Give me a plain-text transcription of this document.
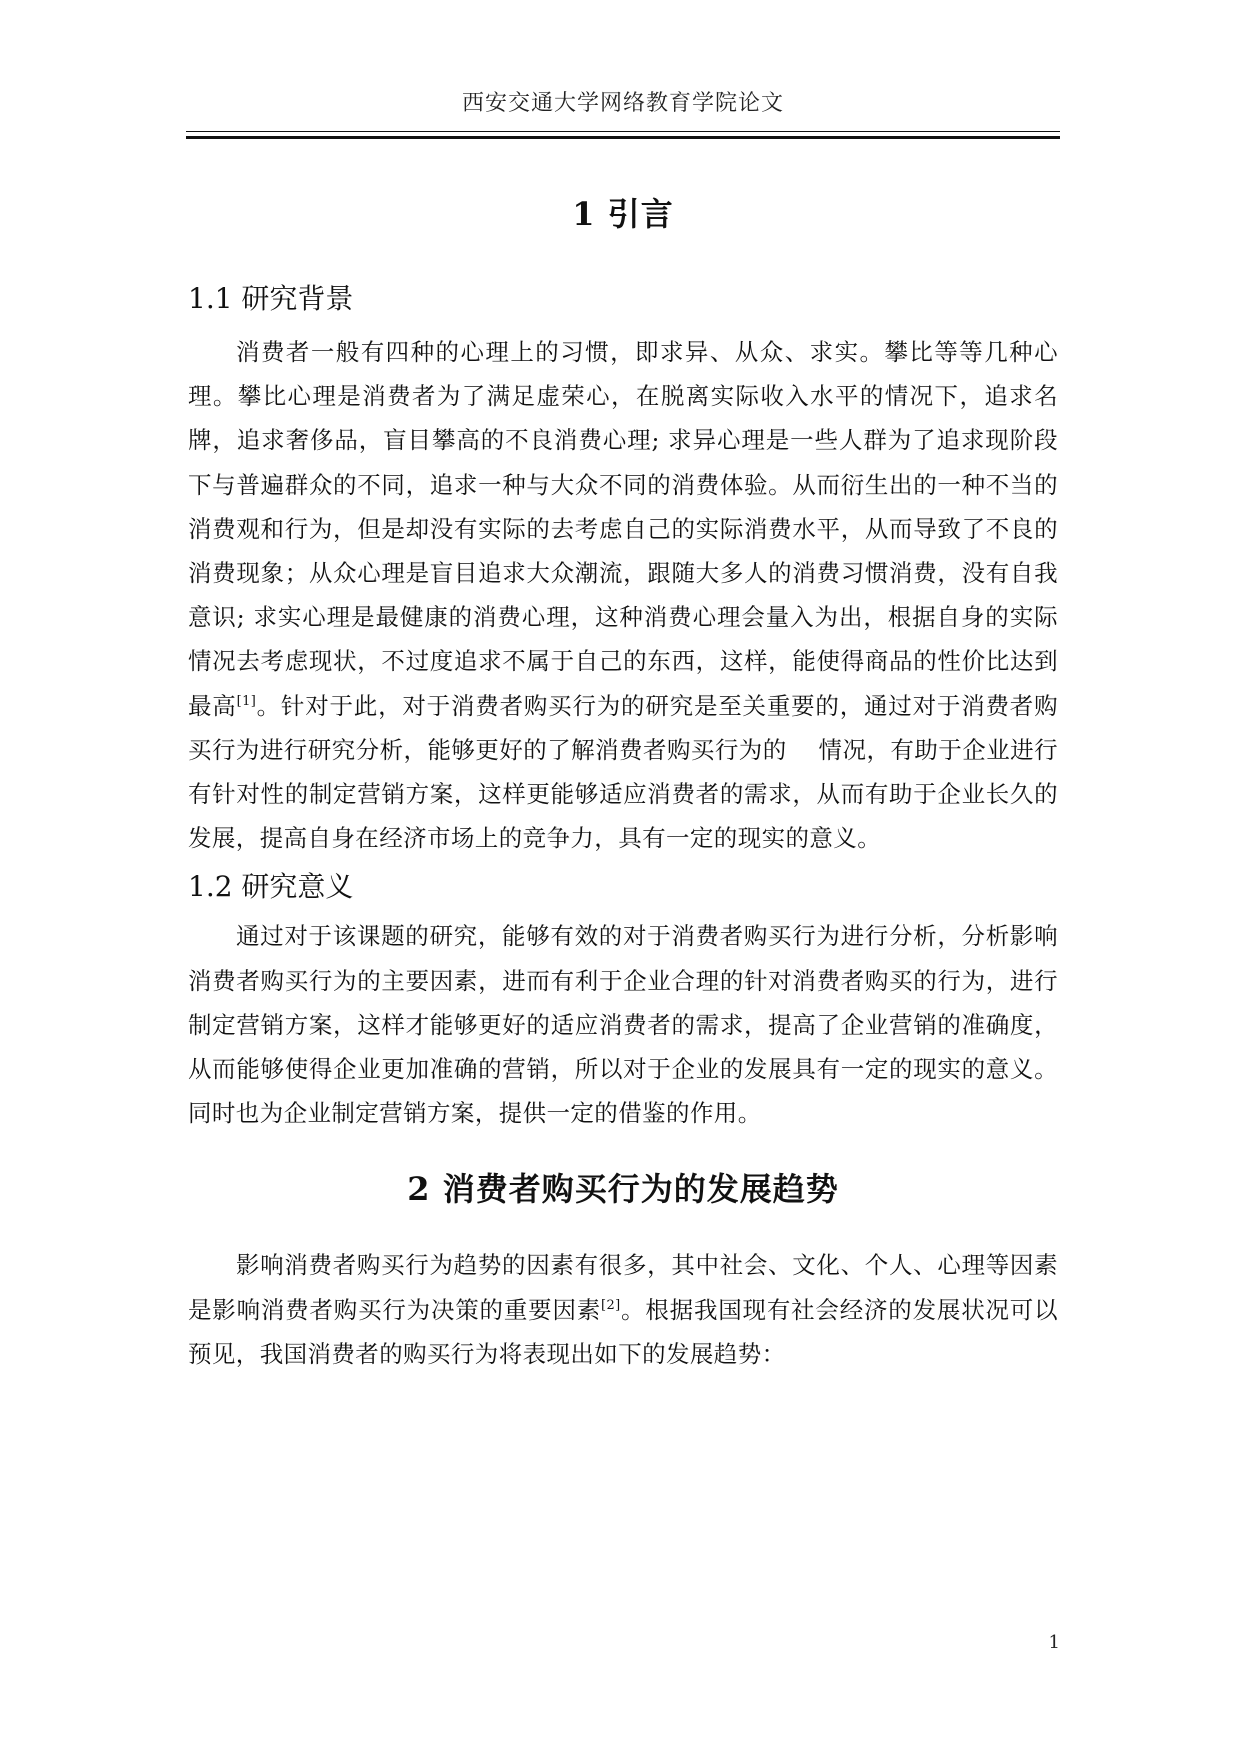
西安交通大学网络教育学院论文
1 引言
1.1 研究背景

消费者一般有四种的心理上的习惯，即求异、从众、求实。攀比等等几种心理。攀比心理是消费者为了满足虚荣心，在脱离实际收入水平的情况下，追求名牌，追求奢侈品，盲目攀高的不良消费心理; 求异心理是一些人群为了追求现阶段下与普遍群众的不同，追求一种与大众不同的消费体验。从而衍生出的一种不当的消费观和行为，但是却没有实际的去考虑自己的实际消费水平，从而导致了不良的消费现象；从众心理是盲目追求大众潮流，跟随大多人的消费习惯消费，没有自我意识; 求实心理是最健康的消费心理，这种消费心理会量入为出，根据自身的实际情况去考虑现状，不过度追求不属于自己的东西，这样，能使得商品的性价比达到最高[1]。针对于此，对于消费者购买行为的研究是至关重要的，通过对于消费者购买行为进行研究分析，能够更好的了解消费者购买行为的　 情况，有助于企业进行有针对性的制定营销方案，这样更能够适应消费者的需求，从而有助于企业长久的发展，提高自身在经济市场上的竞争力，具有一定的现实的意义。

1.2 研究意义

通过对于该课题的研究，能够有效的对于消费者购买行为进行分析，分析影响消费者购买行为的主要因素，进而有利于企业合理的针对消费者购买的行为，进行制定营销方案，这样才能够更好的适应消费者的需求，提高了企业营销的准确度，从而能够使得企业更加准确的营销，所以对于企业的发展具有一定的现实的意义。同时也为企业制定营销方案，提供一定的借鉴的作用。

2 消费者购买行为的发展趋势

影响消费者购买行为趋势的因素有很多，其中社会、文化、个人、心理等因素是影响消费者购买行为决策的重要因素[2]。根据我国现有社会经济的发展状况可以预见，我国消费者的购买行为将表现出如下的发展趋势：

1
